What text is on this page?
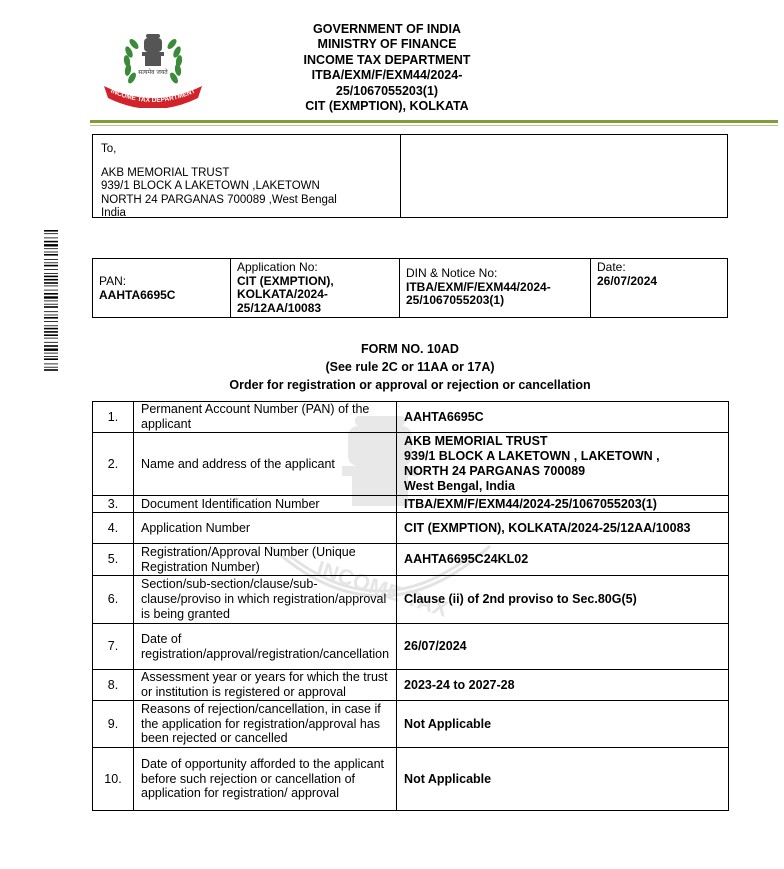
सत्यमेव जयते
INCOME TAX DEPARTMENT
GOVERNMENT OF INDIA
MINISTRY OF FINANCE
INCOME TAX DEPARTMENT
ITBA/EXM/F/EXM44/2024-
25/1067055203(1)
CIT (EXMPTION), KOLKATA
To,
AKB MEMORIAL TRUST
939/1 BLOCK A LAKETOWN ,LAKETOWN
NORTH 24 PARGANAS 700089 ,West Bengal
India
PAN:
AAHTA6695C
Application No:
CIT (EXMPTION), KOLKATA/2024-25/12AA/10083
DIN & Notice No:
ITBA/EXM/F/EXM44/2024-25/1067055203(1)
Date:
26/07/2024
FORM NO. 10AD
(See rule 2C or 11AA or 17A)
Order for registration or approval or rejection or cancellation
INCOME TAX
1.	Permanent Account Number (PAN) of the applicant	AAHTA6695C
2.	Name and address of the applicant	AKB MEMORIAL TRUST
939/1 BLOCK A LAKETOWN , LAKETOWN ,
NORTH 24 PARGANAS 700089
West Bengal, India

3.	Document Identification Number	ITBA/EXM/F/EXM44/2024-25/1067055203(1)
4.	Application Number	CIT (EXMPTION), KOLKATA/2024-25/12AA/10083
5.	Registration/Approval Number (Unique Registration Number)	AAHTA6695C24KL02
6.	Section/sub-section/clause/sub-clause/proviso in which registration/approval is being granted	Clause (ii) of 2nd proviso to Sec.80G(5)
7.	Date of registration/approval/registration/cancellation	26/07/2024
8.	Assessment year or years for which the trust or institution is registered or approval	2023-24 to 2027-28
9.	Reasons of rejection/cancellation, in case if the application for registration/approval has been rejected or cancelled	Not Applicable
10.	Date of opportunity afforded to the applicant before such rejection or cancellation of application for registration/ approval	Not Applicable
